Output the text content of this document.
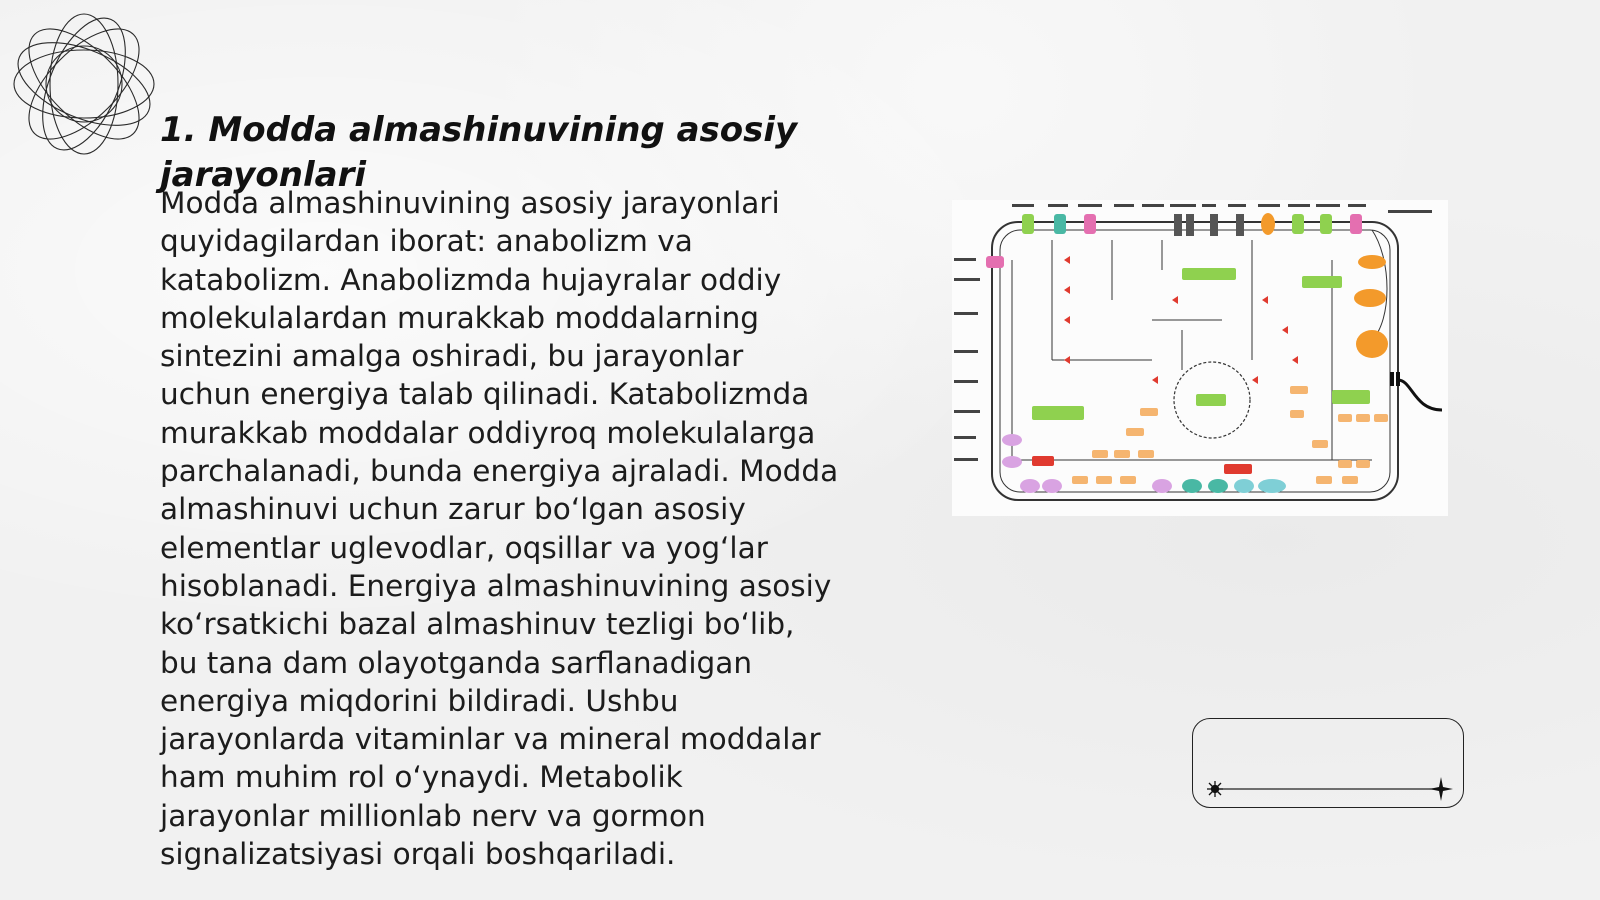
1. Modda almashinuvining asosiy jarayonlari

Modda almashinuvining asosiy jarayonlari quyidagilardan iborat: anabolizm va katabolizm. Anabolizmda hujayralar oddiy molekulalardan murakkab moddalarning sintezini amalga oshiradi, bu jarayonlar uchun energiya talab qilinadi. Katabolizmda murakkab moddalar oddiyroq molekulalarga parchalanadi, bunda energiya ajraladi. Modda almashinuvi uchun zarur bo‘lgan asosiy elementlar uglevodlar, oqsillar va yog‘lar hisoblanadi. Energiya almashinuvining asosiy ko‘rsatkichi bazal almashinuv tezligi bo‘lib, bu tana dam olayotganda sarflanadigan energiya miqdorini bildiradi. Ushbu jarayonlarda vitaminlar va mineral moddalar ham muhim rol o‘ynaydi. Metabolik jarayonlar millionlab nerv va gormon signalizatsiyasi orqali boshqariladi.
